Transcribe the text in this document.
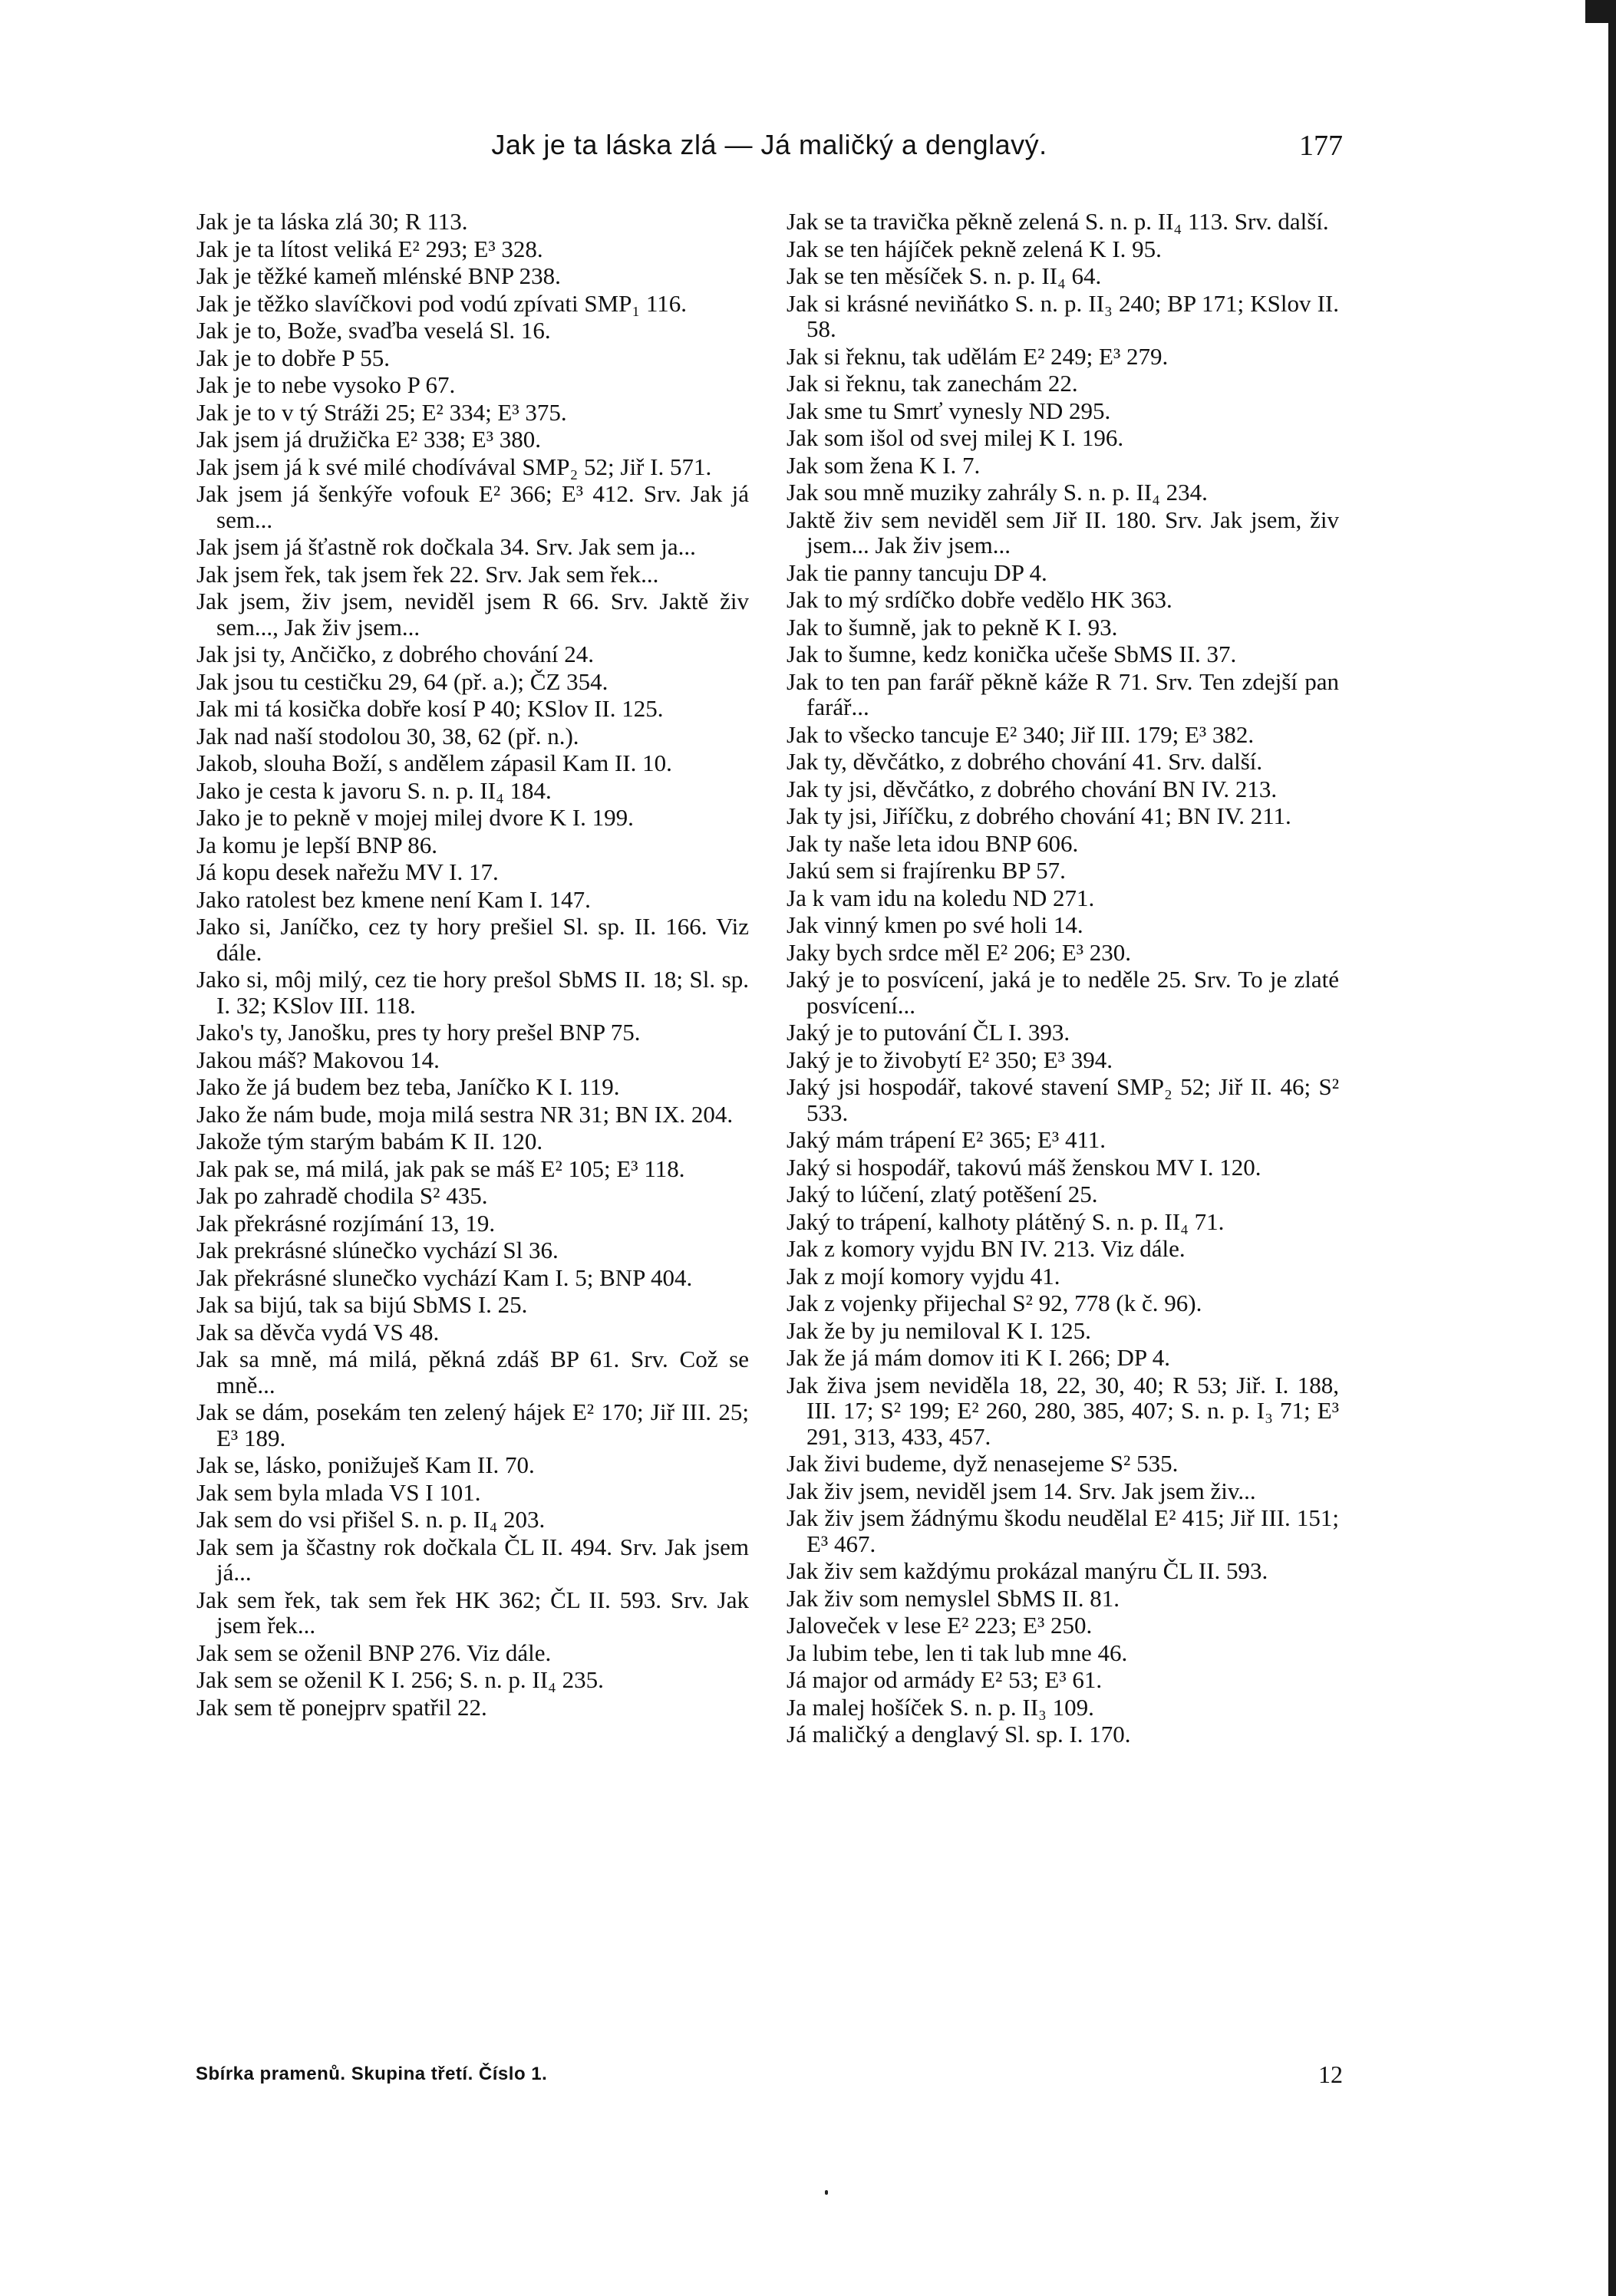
Jak je ta láska zlá — Já maličký a denglavý.	177
Jak je ta láska zlá 30; R 113.
Jak je ta lítost veliká E² 293; E³ 328.
Jak je těžké kameň mlénské BNP 238.
Jak je těžko slavíčkovi pod vodú zpívati SMP₁ 116.
Jak je to, Bože, svaďba veselá Sl. 16.
Jak je to dobře P 55.
Jak je to nebe vysoko P 67.
Jak je to v tý Stráži 25; E² 334; E³ 375.
Jak jsem já družička E² 338; E³ 380.
Jak jsem já k své milé chodívával SMP₂ 52; Jiř I. 571.
Jak jsem já šenkýře vofouk E² 366; E³ 412. Srv. Jak já sem...
Jak jsem já šťastně rok dočkala 34. Srv. Jak sem ja...
Jak jsem řek, tak jsem řek 22. Srv. Jak sem řek...
Jak jsem, živ jsem, neviděl jsem R 66. Srv. Jaktě živ sem..., Jak živ jsem...
Jak jsi ty, Ančičko, z dobrého chování 24.
Jak jsou tu cestičku 29, 64 (př. a.); ČZ 354.
Jak mi tá kosička dobře kosí P 40; KSlov II. 125.
Jak nad naší stodolou 30, 38, 62 (př. n.).
Jakob, slouha Boží, s andělem zápasil Kam II. 10.
Jako je cesta k javoru S. n. p. II₄ 184.
Jako je to pekně v mojej milej dvore K I. 199.
Ja komu je lepší BNP 86.
Já kopu desek nařežu MV I. 17.
Jako ratolest bez kmene není Kam I. 147.
Jako si, Janíčko, cez ty hory prešiel Sl. sp. II. 166. Viz dále.
Jako si, môj milý, cez tie hory prešol SbMS II. 18; Sl. sp. I. 32; KSlov III. 118.
Jako's ty, Janošku, pres ty hory prešel BNP 75.
Jakou máš? Makovou 14.
Jako že já budem bez teba, Janíčko K I. 119.
Jako že nám bude, moja milá sestra NR 31; BN IX. 204.
Jakože tým starým babám K II. 120.
Jak pak se, má milá, jak pak se máš E² 105; E³ 118.
Jak po zahradě chodila S² 435.
Jak překrásné rozjímání 13, 19.
Jak prekrásné slúnečko vychází Sl 36.
Jak překrásné slunečko vychází Kam I. 5; BNP 404.
Jak sa bijú, tak sa bijú SbMS I. 25.
Jak sa děvča vydá VS 48.
Jak sa mně, má milá, pěkná zdáš BP 61. Srv. Což se mně...
Jak se dám, posekám ten zelený hájek E² 170; Jiř III. 25; E³ 189.
Jak se, lásko, ponižuješ Kam II. 70.
Jak sem byla mlada VS I 101.
Jak sem do vsi přišel S. n. p. II₄ 203.
Jak sem ja ščastny rok dočkala ČL II. 494. Srv. Jak jsem já...
Jak sem řek, tak sem řek HK 362; ČL II. 593. Srv. Jak jsem řek...
Jak sem se oženil BNP 276. Viz dále.
Jak sem se oženil K I. 256; S. n. p. II₄ 235.
Jak sem tě ponejprv spatřil 22.
Jak se ta travička pěkně zelená S. n. p. II₄ 113. Srv. další.
Jak se ten hájíček pekně zelená K I. 95.
Jak se ten měsíček S. n. p. II₄ 64.
Jak si krásné neviňátko S. n. p. II₃ 240; BP 171; KSlov II. 58.
Jak si řeknu, tak udělám E² 249; E³ 279.
Jak si řeknu, tak zanechám 22.
Jak sme tu Smrť vynesly ND 295.
Jak som išol od svej milej K I. 196.
Jak som žena K I. 7.
Jak sou mně muziky zahrály S. n. p. II₄ 234.
Jaktě živ sem neviděl sem Jiř II. 180. Srv. Jak jsem, živ jsem... Jak živ jsem...
Jak tie panny tancuju DP 4.
Jak to mý srdíčko dobře vedělo HK 363.
Jak to šumně, jak to pekně K I. 93.
Jak to šumne, kedz konička učeše SbMS II. 37.
Jak to ten pan farář pěkně káže R 71. Srv. Ten zdejší pan farář...
Jak to všecko tancuje E² 340; Jiř III. 179; E³ 382.
Jak ty, děvčátko, z dobrého chování 41. Srv. další.
Jak ty jsi, děvčátko, z dobrého chování BN IV. 213.
Jak ty jsi, Jiříčku, z dobrého chování 41; BN IV. 211.
Jak ty naše leta idou BNP 606.
Jakú sem si frajírenku BP 57.
Ja k vam idu na koledu ND 271.
Jak vinný kmen po své holi 14.
Jaky bych srdce měl E² 206; E³ 230.
Jaký je to posvícení, jaká je to neděle 25. Srv. To je zlaté posvícení...
Jaký je to putování ČL I. 393.
Jaký je to živobytí E² 350; E³ 394.
Jaký jsi hospodář, takové stavení SMP₂ 52; Jiř II. 46; S² 533.
Jaký mám trápení E² 365; E³ 411.
Jaký si hospodář, takovú máš ženskou MV I. 120.
Jaký to lúčení, zlatý potěšení 25.
Jaký to trápení, kalhoty plátěný S. n. p. II₄ 71.
Jak z komory vyjdu BN IV. 213. Viz dále.
Jak z mojí komory vyjdu 41.
Jak z vojenky přijechal S² 92, 778 (k č. 96).
Jak že by ju nemiloval K I. 125.
Jak že já mám domov iti K I. 266; DP 4.
Jak živa jsem neviděla 18, 22, 30, 40; R 53; Jiř. I. 188, III. 17; S² 199; E² 260, 280, 385, 407; S. n. p. I₃ 71; E³ 291, 313, 433, 457.
Jak živi budeme, dyž nenasejeme S² 535.
Jak živ jsem, neviděl jsem 14. Srv. Jak jsem živ...
Jak živ jsem žádnýmu škodu neudělal E² 415; Jiř III. 151; E³ 467.
Jak živ sem každýmu prokázal manýru ČL II. 593.
Jak živ som nemyslel SbMS II. 81.
Jaloveček v lese E² 223; E³ 250.
Ja lubim tebe, len ti tak lub mne 46.
Já major od armády E² 53; E³ 61.
Ja malej hošíček S. n. p. II₃ 109.
Já maličký a denglavý Sl. sp. I. 170.
Sbírka pramenů. Skupina třetí. Číslo 1.	12
